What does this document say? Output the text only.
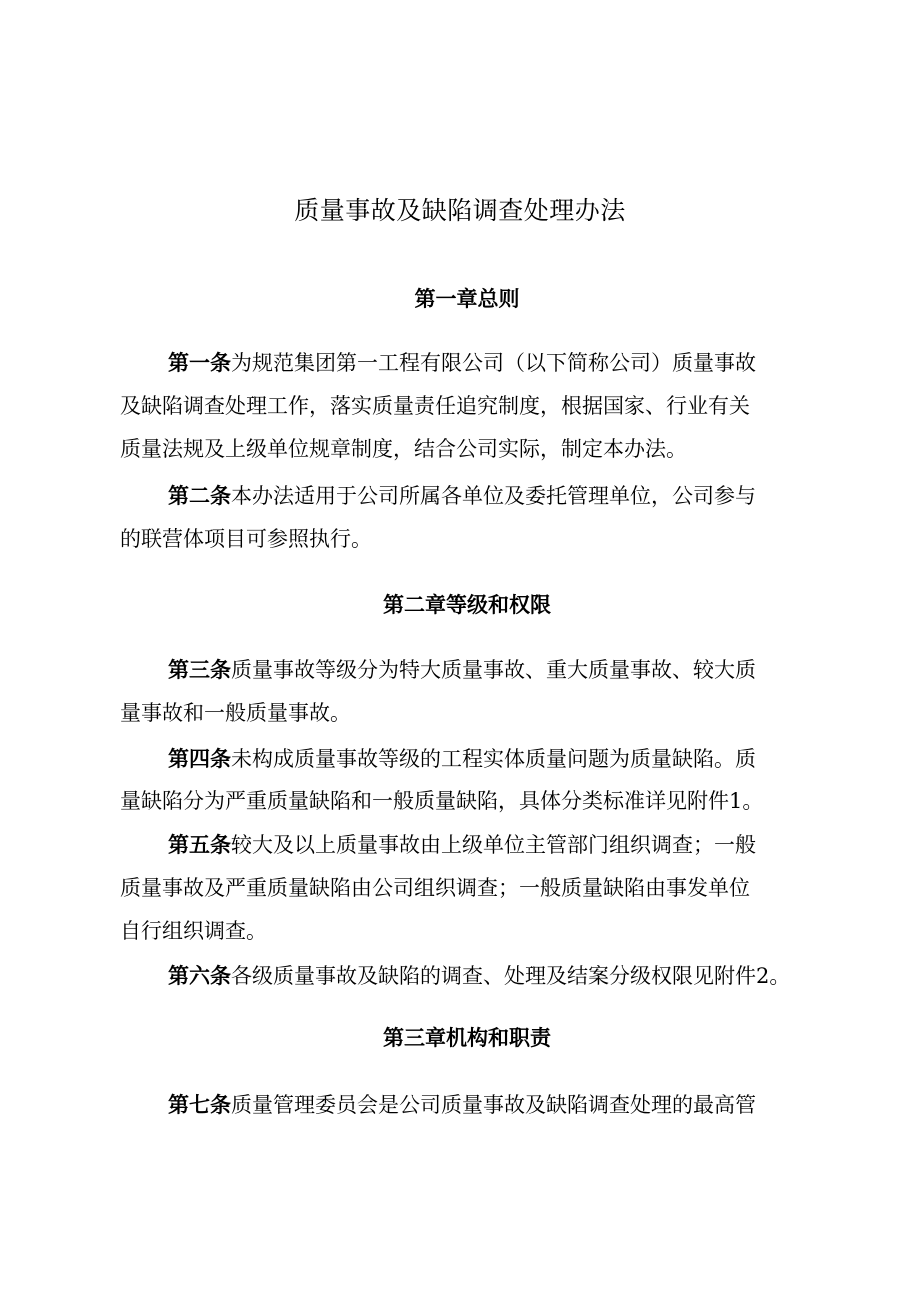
质量事故及缺陷调查处理办法
第一章总则
第一条为规范集团第一工程有限公司（以下简称公司）质量事故
及缺陷调查处理工作，落实质量责任追究制度，根据国家、行业有关
质量法规及上级单位规章制度，结合公司实际，制定本办法。
第二条本办法适用于公司所属各单位及委托管理单位，公司参与
的联营体项目可参照执行。
第二章等级和权限
第三条质量事故等级分为特大质量事故、重大质量事故、较大质
量事故和一般质量事故。
第四条未构成质量事故等级的工程实体质量问题为质量缺陷。质
量缺陷分为严重质量缺陷和一般质量缺陷，具体分类标准详见附件1。
第五条较大及以上质量事故由上级单位主管部门组织调查；一般
质量事故及严重质量缺陷由公司组织调查；一般质量缺陷由事发单位
自行组织调查。
第六条各级质量事故及缺陷的调查、处理及结案分级权限见附件2。
第三章机构和职责
第七条质量管理委员会是公司质量事故及缺陷调查处理的最高管
